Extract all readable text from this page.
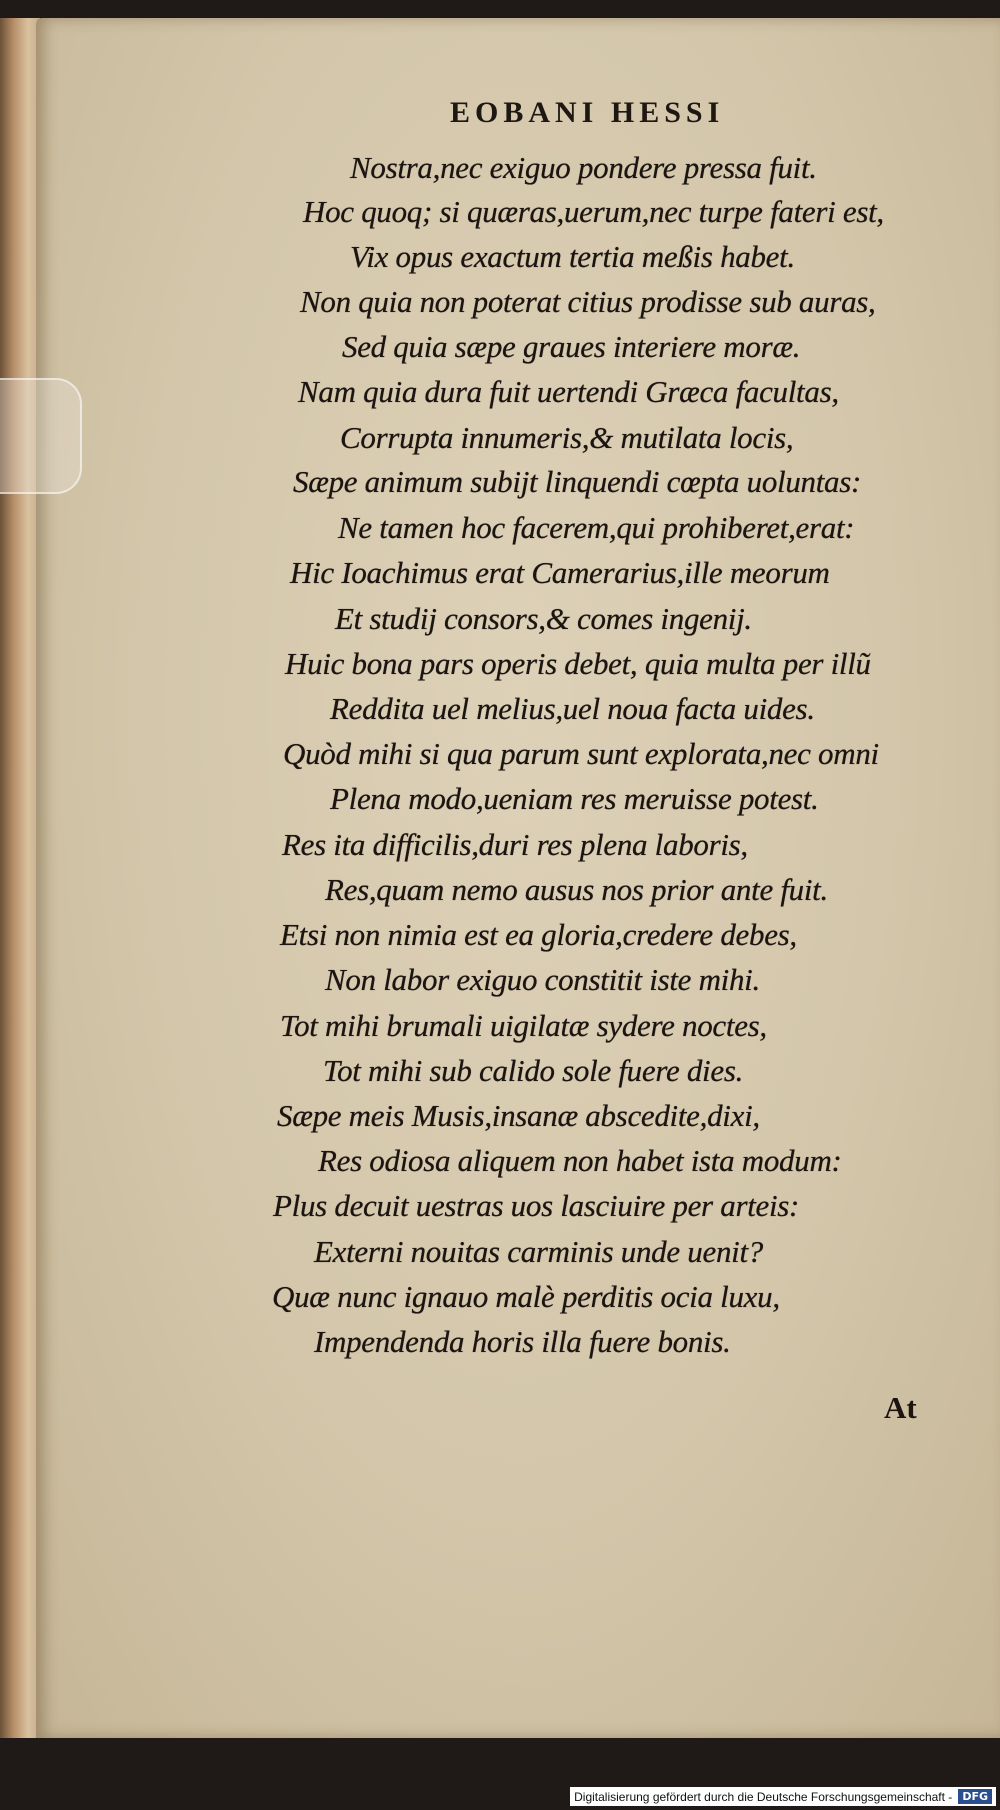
EOBANI HESSI
Nostra,nec exiguo pondere pressa fuit.
Hoc quoq; si quæras,uerum,nec turpe fateri est,
Vix opus exactum tertia meßis habet.
Non quia non poterat citius prodisse sub auras,
Sed quia sæpe graues interiere moræ.
Nam quia dura fuit uertendi Græca facultas,
Corrupta innumeris,& mutilata locis,
Sæpe animum subijt linquendi cœpta uoluntas:
Ne tamen hoc facerem,qui prohiberet,erat:
Hic Ioachimus erat Camerarius,ille meorum
Et studij consors,& comes ingenij.
Huic bona pars operis debet, quia multa per illũ
Reddita uel melius,uel noua facta uides.
Quòd mihi si qua parum sunt explorata,nec omni
Plena modo,ueniam res meruisse potest.
Res ita difficilis,duri res plena laboris,
Res,quam nemo ausus nos prior ante fuit.
Etsi non nimia est ea gloria,credere debes,
Non labor exiguo constitit iste mihi.
Tot mihi brumali uigilatæ sydere noctes,
Tot mihi sub calido sole fuere dies.
Sæpe meis Musis,insanæ abscedite,dixi,
Res odiosa aliquem non habet ista modum:
Plus decuit uestras uos lasciuire per arteis:
Externi nouitas carminis unde uenit?
Quæ nunc ignauo malè perditis ocia luxu,
Impendenda horis illa fuere bonis.
At
Digitalisierung gefördert durch die Deutsche Forschungsgemeinschaft - DFG
